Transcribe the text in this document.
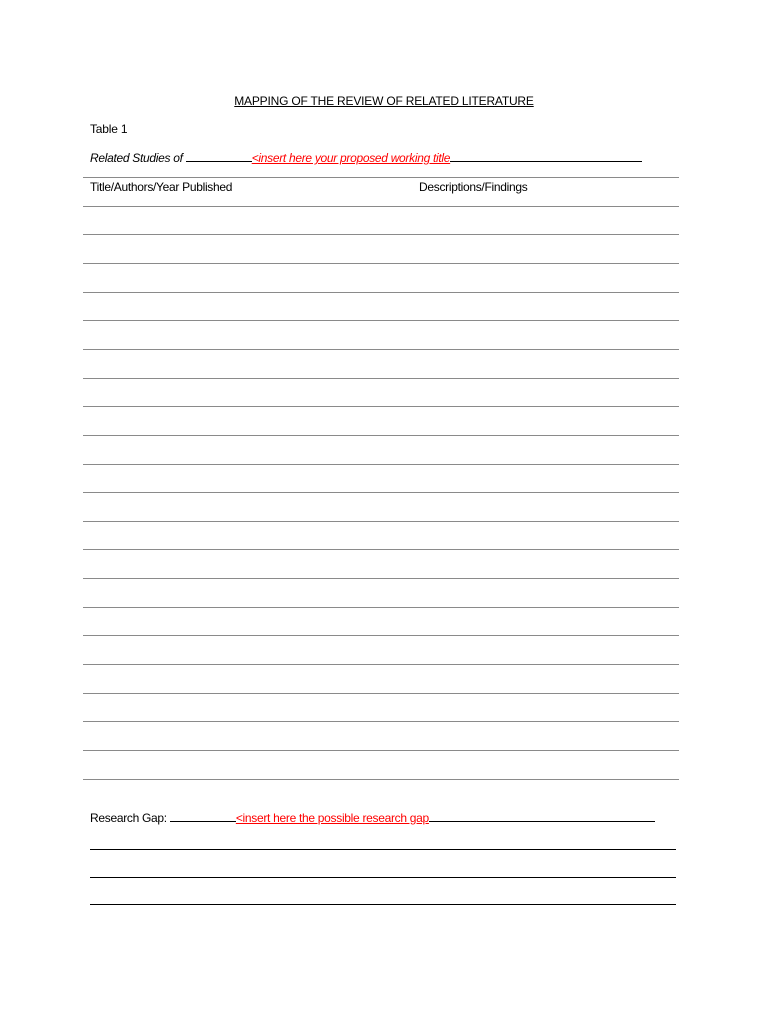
MAPPING OF THE REVIEW OF RELATED LITERATURE
Table 1
Related Studies of	<insert here your proposed working title
Title/Authors/Year Published	Descriptions/Findings
Research Gap:	<insert here the possible research gap
